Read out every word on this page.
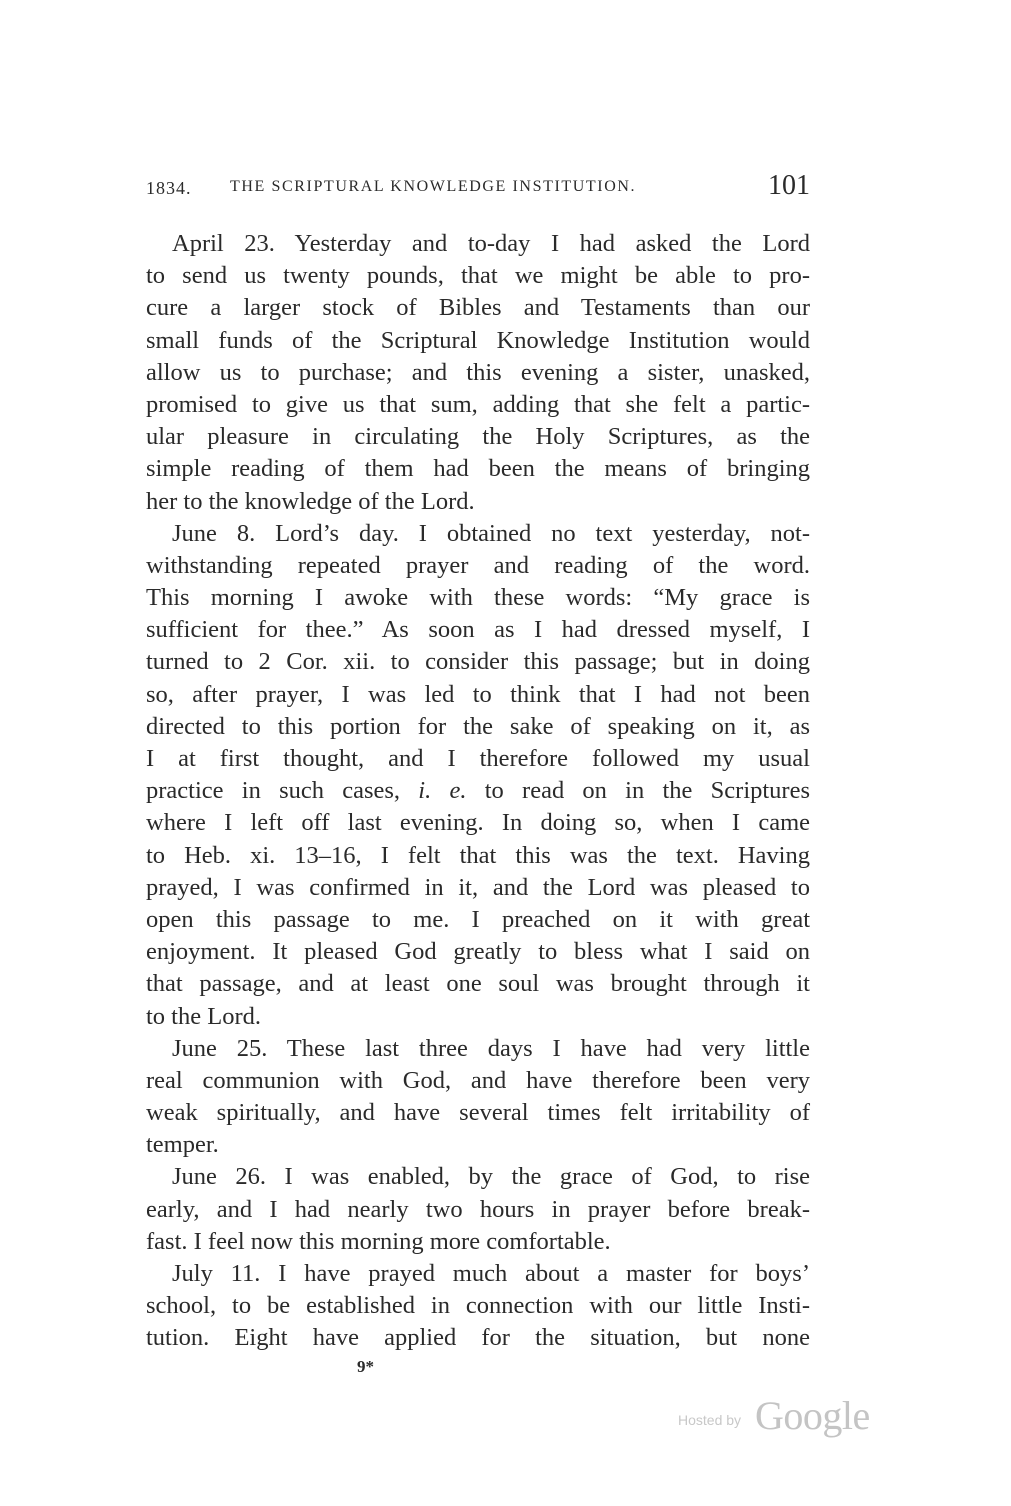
1834. THE SCRIPTURAL KNOWLEDGE INSTITUTION.	101
April 23. Yesterday and to-day I had asked the Lord
to send us twenty pounds, that we might be able to pro-
cure a larger stock of Bibles and Testaments than our
small funds of the Scriptural Knowledge Institution would
allow us to purchase; and this evening a sister, unasked,
promised to give us that sum, adding that she felt a partic-
ular pleasure in circulating the Holy Scriptures, as the
simple reading of them had been the means of bringing
her to the knowledge of the Lord.
June 8. Lord’s day. I obtained no text yesterday, not-
withstanding repeated prayer and reading of the word.
This morning I awoke with these words: “My grace is
sufficient for thee.” As soon as I had dressed myself, I
turned to 2 Cor. xii. to consider this passage; but in doing
so, after prayer, I was led to think that I had not been
directed to this portion for the sake of speaking on it, as
I at first thought, and I therefore followed my usual
practice in such cases, i. e. to read on in the Scriptures
where I left off last evening. In doing so, when I came
to Heb. xi. 13–16, I felt that this was the text. Having
prayed, I was confirmed in it, and the Lord was pleased to
open this passage to me. I preached on it with great
enjoyment. It pleased God greatly to bless what I said on
that passage, and at least one soul was brought through it
to the Lord.
June 25. These last three days I have had very little
real communion with God, and have therefore been very
weak spiritually, and have several times felt irritability of
temper.
June 26. I was enabled, by the grace of God, to rise
early, and I had nearly two hours in prayer before break-
fast. I feel now this morning more comfortable.
July 11. I have prayed much about a master for boys’
school, to be established in connection with our little Insti-
tution. Eight have applied for the situation, but none
9*
Hosted by Google
